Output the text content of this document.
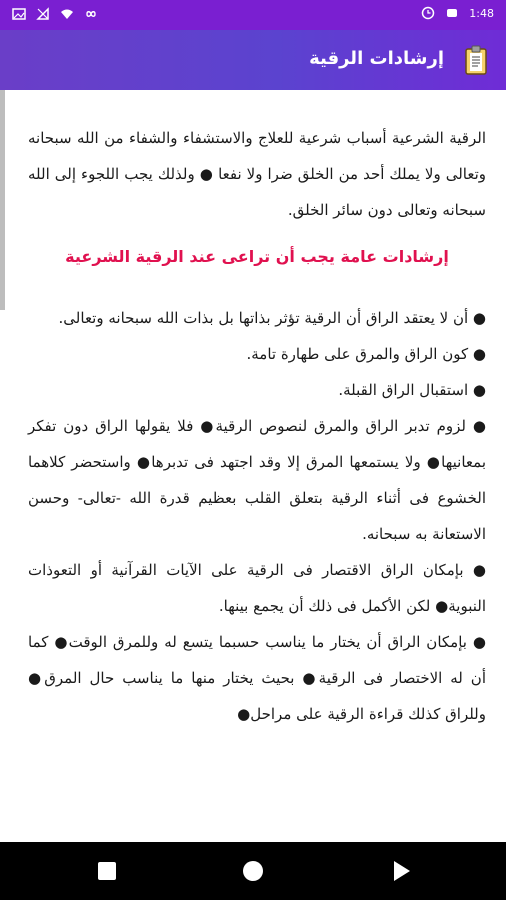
1:48
إرشادات الرقية

الرقية الشرعية أسباب شرعية للعلاج والاستشفاء والشفاء من الله سبحانه وتعالى ولا يملك أحد من الخلق ضرا ولا نفعا ● ولذلك يجب اللجوء إلى الله سبحانه وتعالى دون سائر الخلق.

إرشادات عامة يجب أن تراعى عند الرقية الشرعية

● أن لا يعتقد الراق أن الرقية تؤثر بذاتها بل بذات الله سبحانه وتعالى.

● كون الراق والمرق على طهارة تامة.

● استقبال الراق القبلة.

● لزوم تدبر الراق والمرق لنصوص الرقية● فلا يقولها الراق دون تفكر بمعانيها● ولا يستمعها المرق إلا وقد اجتهد فى تدبرها● واستحضر كلاهما الخشوع فى أثناء الرقية بتعلق القلب بعظيم قدرة الله -تعالى- وحسن الاستعانة به سبحانه.

● بإمكان الراق الاقتصار فى الرقية على الآيات القرآنية أو التعوذات النبوية● لكن الأكمل فى ذلك أن يجمع بينها.

● بإمكان الراق أن يختار ما يناسب حسبما يتسع له وللمرق الوقت● كما أن له الاختصار فى الرقية● بحيث يختار منها ما يناسب حال المرق● وللراق كذلك قراءة الرقية على مراحل●
